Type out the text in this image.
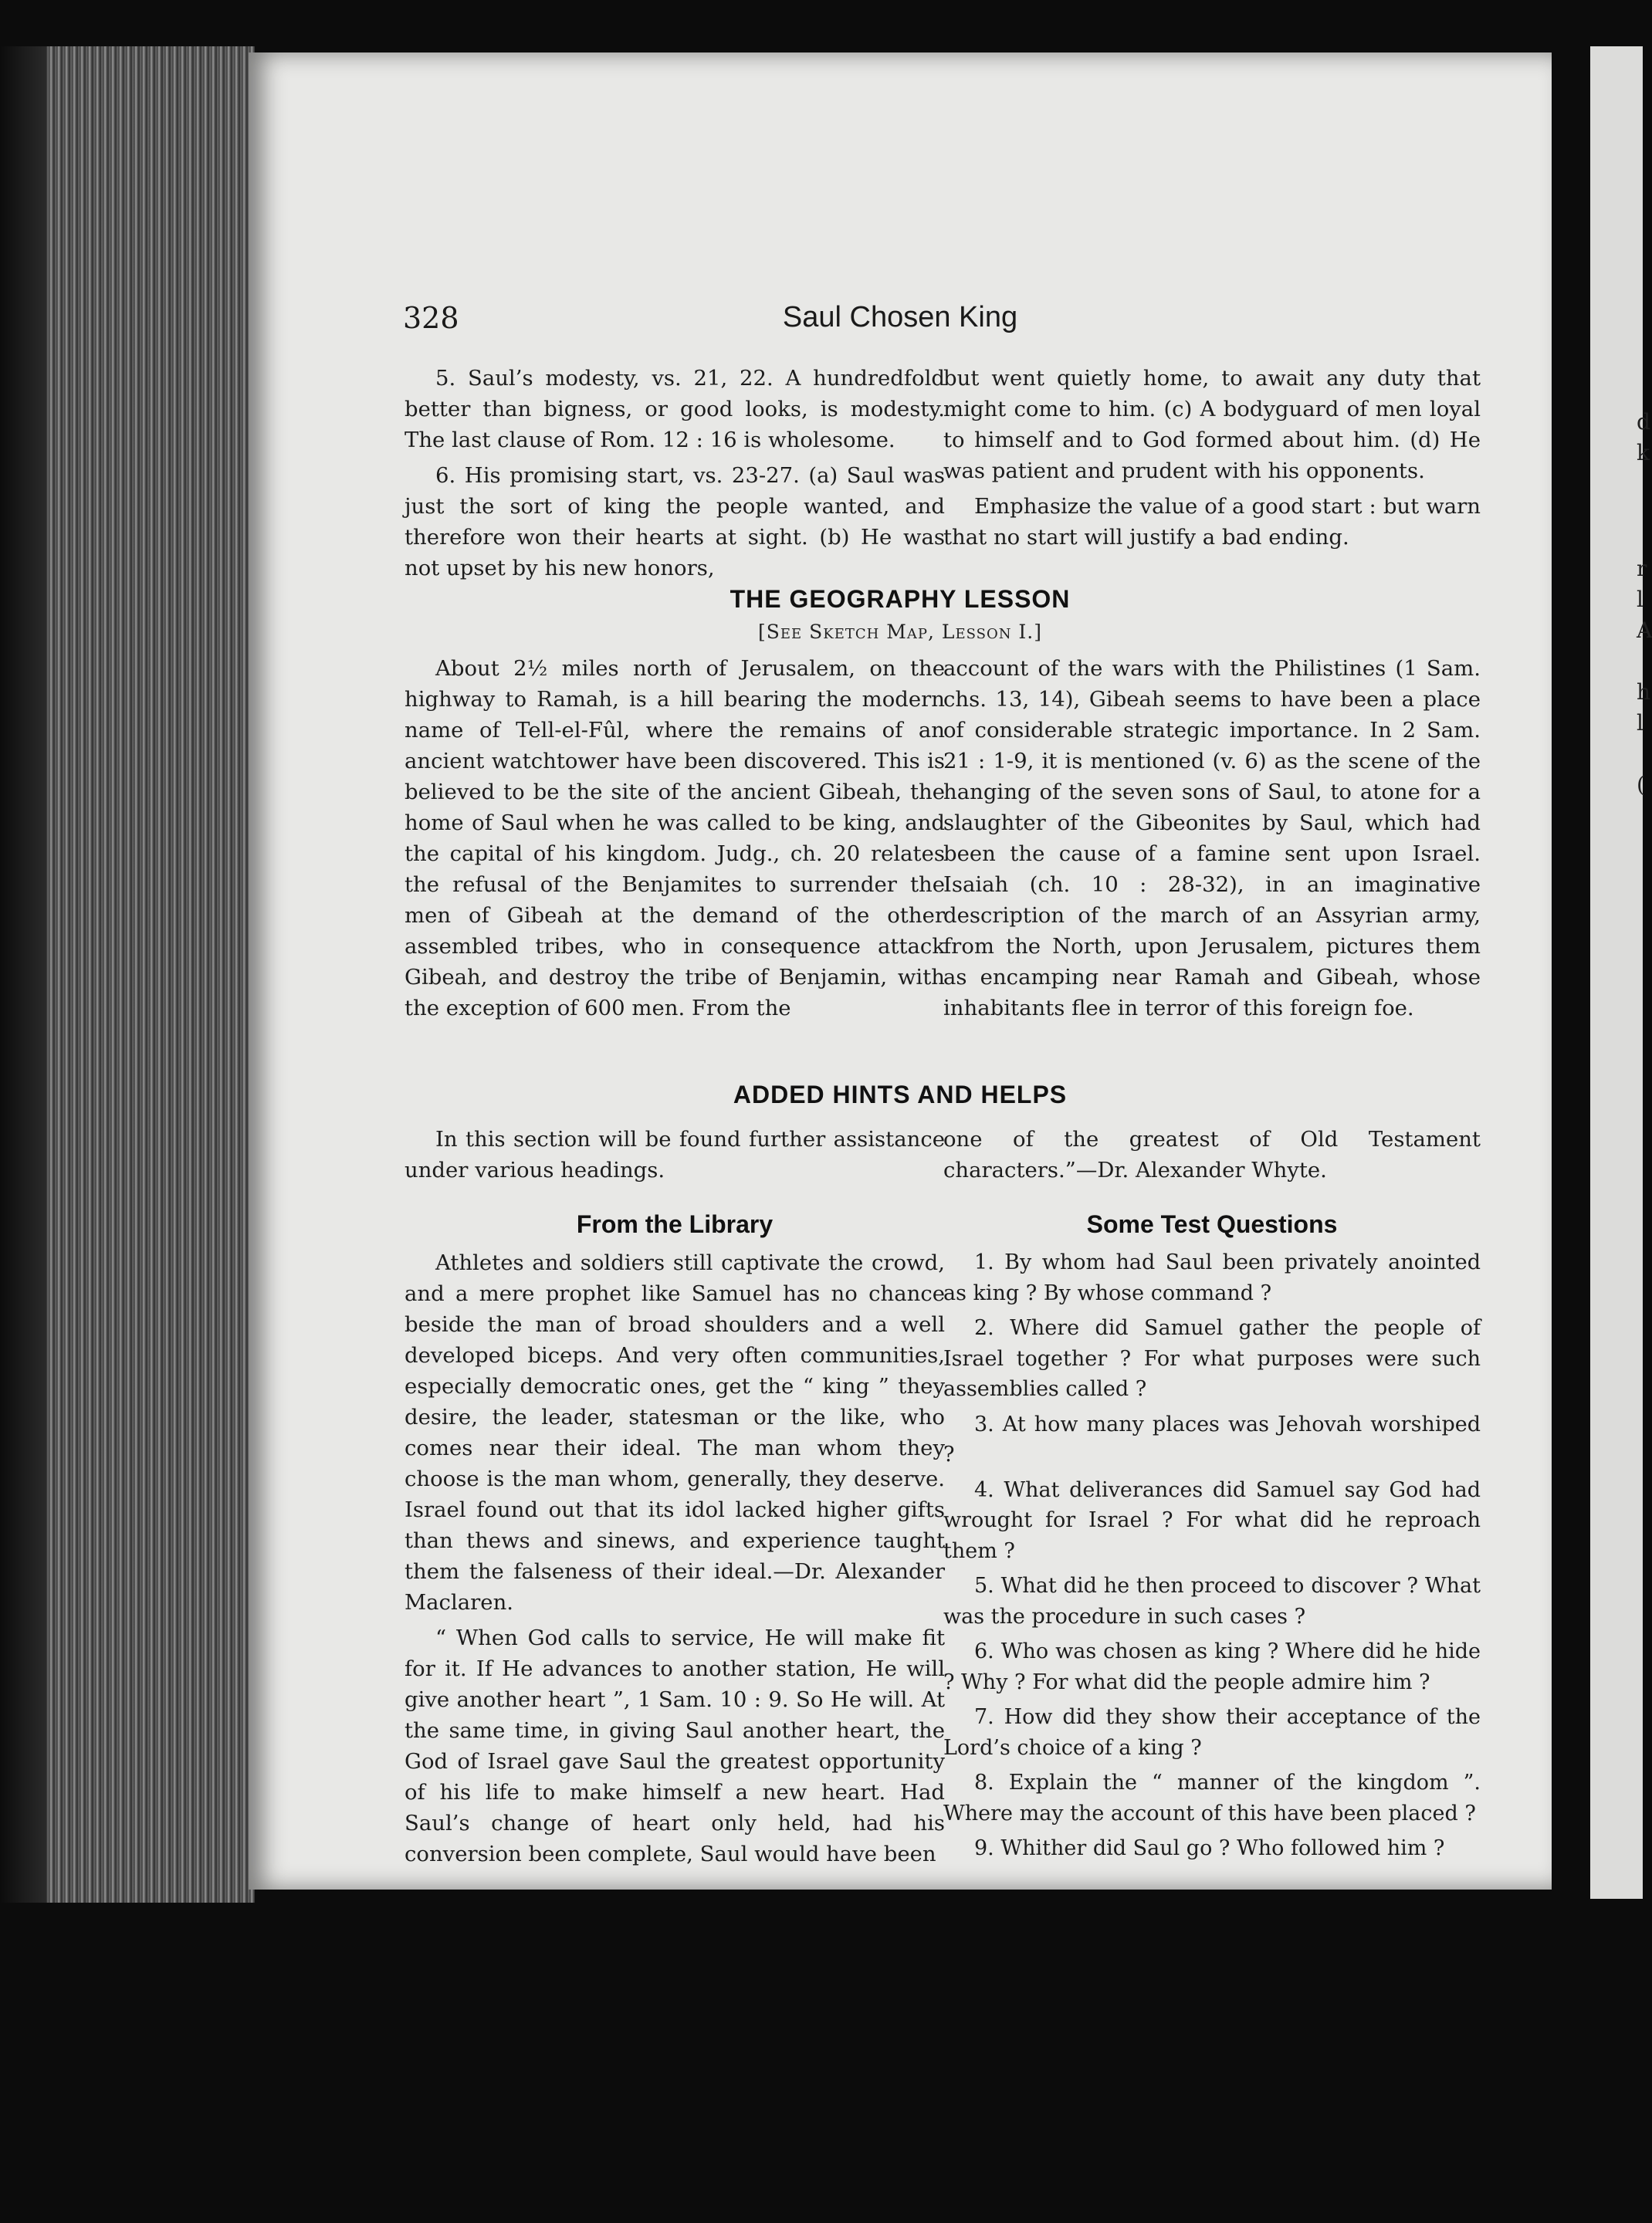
d
k
r
l
A
h
l
(
328	Saul Chosen King

5. Saul’s modesty, vs. 21, 22. A hundredfold better than bigness, or good looks, is modesty. The last clause of Rom. 12 : 16 is wholesome.

6. His promising start, vs. 23-27. (a) Saul was just the sort of king the people wanted, and therefore won their hearts at sight. (b) He was not upset by his new honors,

but went quietly home, to await any duty that might come to him. (c) A bodyguard of men loyal to himself and to God formed about him. (d) He was patient and prudent with his opponents.

Emphasize the value of a good start : but warn that no start will justify a bad ending.

THE GEOGRAPHY LESSON
[See Sketch Map, Lesson I.]

About 2½ miles north of Jerusalem, on the highway to Ramah, is a hill bearing the modern name of Tell-el-Fûl, where the remains of an ancient watchtower have been discovered. This is believed to be the site of the ancient Gibeah, the home of Saul when he was called to be king, and the capital of his kingdom. Judg., ch. 20 relates the refusal of the Benjamites to surrender the men of Gibeah at the demand of the other assembled tribes, who in consequence attack Gibeah, and destroy the tribe of Benjamin, with the exception of 600 men. From the

account of the wars with the Philistines (1 Sam. chs. 13, 14), Gibeah seems to have been a place of considerable strategic importance. In 2 Sam. 21 : 1-9, it is mentioned (v. 6) as the scene of the hanging of the seven sons of Saul, to atone for a slaughter of the Gibeonites by Saul, which had been the cause of a famine sent upon Israel. Isaiah (ch. 10 : 28-32), in an imaginative description of the march of an Assyrian army, from the North, upon Jerusalem, pictures them as encamping near Ramah and Gibeah, whose inhabitants flee in terror of this foreign foe.

ADDED HINTS AND HELPS

In this section will be found further assistance under various headings.

one of the greatest of Old Testament characters.”—Dr. Alexander Whyte.

From the Library

Athletes and soldiers still captivate the crowd, and a mere prophet like Samuel has no chance beside the man of broad shoulders and a well developed biceps. And very often communities, especially democratic ones, get the “ king ” they desire, the leader, statesman or the like, who comes near their ideal. The man whom they choose is the man whom, generally, they deserve. Israel found out that its idol lacked higher gifts than thews and sinews, and experience taught them the falseness of their ideal.—Dr. Alexander Maclaren.

“ When God calls to service, He will make fit for it. If He advances to another station, He will give another heart ”, 1 Sam. 10 : 9. So He will. At the same time, in giving Saul another heart, the God of Israel gave Saul the greatest opportunity of his life to make himself a new heart. Had Saul’s change of heart only held, had his conversion been complete, Saul would have been

Some Test Questions

1. By whom had Saul been privately anointed as king ? By whose command ?

2. Where did Samuel gather the people of Israel together ? For what purposes were such assemblies called ?

3. At how many places was Jehovah worshiped ?

4. What deliverances did Samuel say God had wrought for Israel ? For what did he reproach them ?

5. What did he then proceed to discover ? What was the procedure in such cases ?

6. Who was chosen as king ? Where did he hide ? Why ? For what did the people admire him ?

7. How did they show their acceptance of the Lord’s choice of a king ?

8. Explain the “ manner of the kingdom ”. Where may the account of this have been placed ?

9. Whither did Saul go ? Who followed him ?
